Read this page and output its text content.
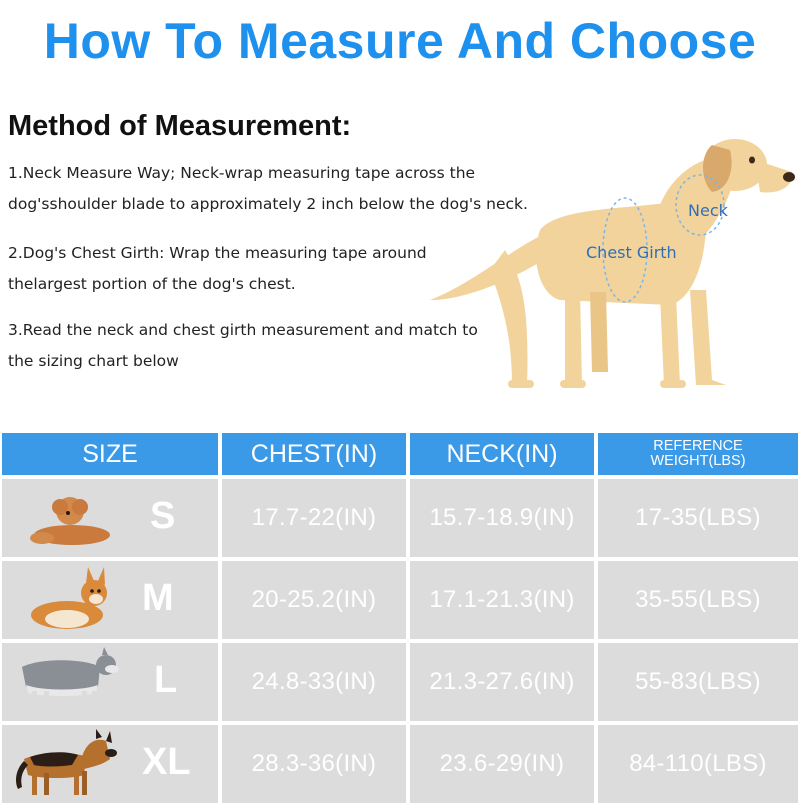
How To Measure And Choose
Method of Measurement:
1.Neck Measure Way; Neck-wrap measuring tape across the
dog'sshoulder blade to approximately 2 inch below the dog's neck.
2.Dog's Chest Girth: Wrap the measuring tape around
thelargest portion of the dog's chest.
3.Read the neck and chest girth measurement and match to
the sizing chart below
Neck
Chest Girth
SIZE	CHEST(IN)	NECK(IN)	REFERENCE
WEIGHT(LBS)
S	17.7-22(IN) 15.7-18.9(IN)	17-35(LBS)
M	20-25.2(IN) 17.1-21.3(IN)	35-55(LBS)
L	24.8-33(IN) 21.3-27.6(IN)	55-83(LBS)
XL	28.3-36(IN)	23.6-29(IN)	84-110(LBS)
